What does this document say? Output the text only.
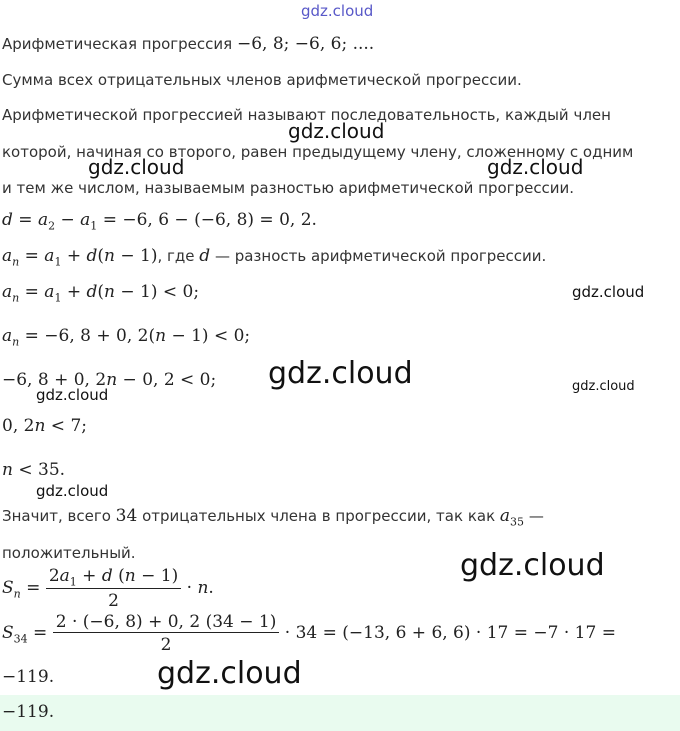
gdz.cloud
gdz.cloud
gdz.cloud	gdz.cloud
gdz.cloud
gdz.cloud	gdz.cloud
gdz.cloud
gdz.cloud
gdz.cloud
gdz.cloud
Арифметическая прогрессия −6, 8; −6, 6; ....
Сумма всех отрицательных членов арифметической прогрессии.
Арифметической прогрессией называют последовательность, каждый член
которой, начиная со второго, равен предыдущему члену, сложенному с одним
и тем же числом, называемым разностью арифметической прогрессии.
$d = a_2 - a_1 = -6$, 6 − (−6, 8) = 0, 2.
$a_n = a_1 + d(n - 1)$, где d — разность арифметической прогрессии.
$a_n = a_1 + d(n - 1) < 0$;
$a_n = -6$, 8 + 0, 2(n − 1) < 0;
−6, 8 + 0, 2n − 0, 2 < 0;
0, 2n < 7;
n < 35.
Значит, всего 34 отрицательных члена в прогрессии, так как $a_{35}$ —
положительный.
$S_n = \frac{2a_1 + d (n - 1)}{2} \cdot n$.
$S_{34} = \frac{2 \cdot (-6, 8) + 0, 2 (34 - 1)}{2} \cdot 34 = (-13$, 6 + 6, 6) · 17 = −7 · 17 =
−119.
−119.
